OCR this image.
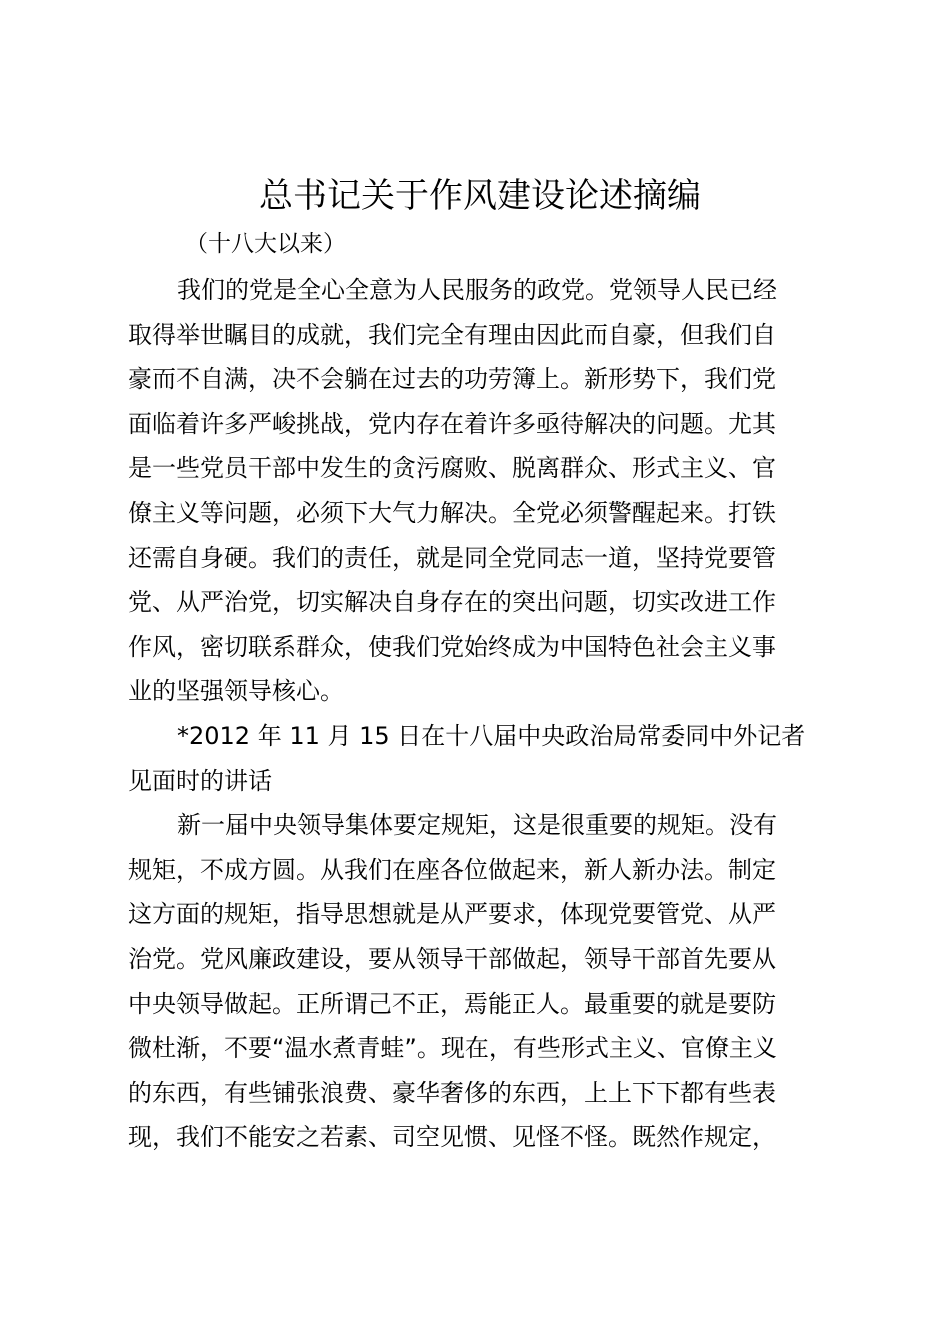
总书记关于作风建设论述摘编
（十八大以来）

我们的党是全心全意为人民服务的政党。党领导人民已经
取得举世瞩目的成就，我们完全有理由因此而自豪，但我们自
豪而不自满，决不会躺在过去的功劳簿上。新形势下，我们党
面临着许多严峻挑战，党内存在着许多亟待解决的问题。尤其
是一些党员干部中发生的贪污腐败、脱离群众、形式主义、官
僚主义等问题，必须下大气力解决。全党必须警醒起来。打铁
还需自身硬。我们的责任，就是同全党同志一道，坚持党要管
党、从严治党，切实解决自身存在的突出问题，切实改进工作
作风，密切联系群众，使我们党始终成为中国特色社会主义事
业的坚强领导核心。

*2012 年 11 月 15 日在十八届中央政治局常委同中外记者
见面时的讲话

新一届中央领导集体要定规矩，这是很重要的规矩。没有
规矩，不成方圆。从我们在座各位做起来，新人新办法。制定
这方面的规矩，指导思想就是从严要求，体现党要管党、从严
治党。党风廉政建设，要从领导干部做起，领导干部首先要从
中央领导做起。正所谓己不正，焉能正人。最重要的就是要防
微杜渐，不要“温水煮青蛙”。现在，有些形式主义、官僚主义
的东西，有些铺张浪费、豪华奢侈的东西，上上下下都有些表
现，我们不能安之若素、司空见惯、见怪不怪。既然作规定，
